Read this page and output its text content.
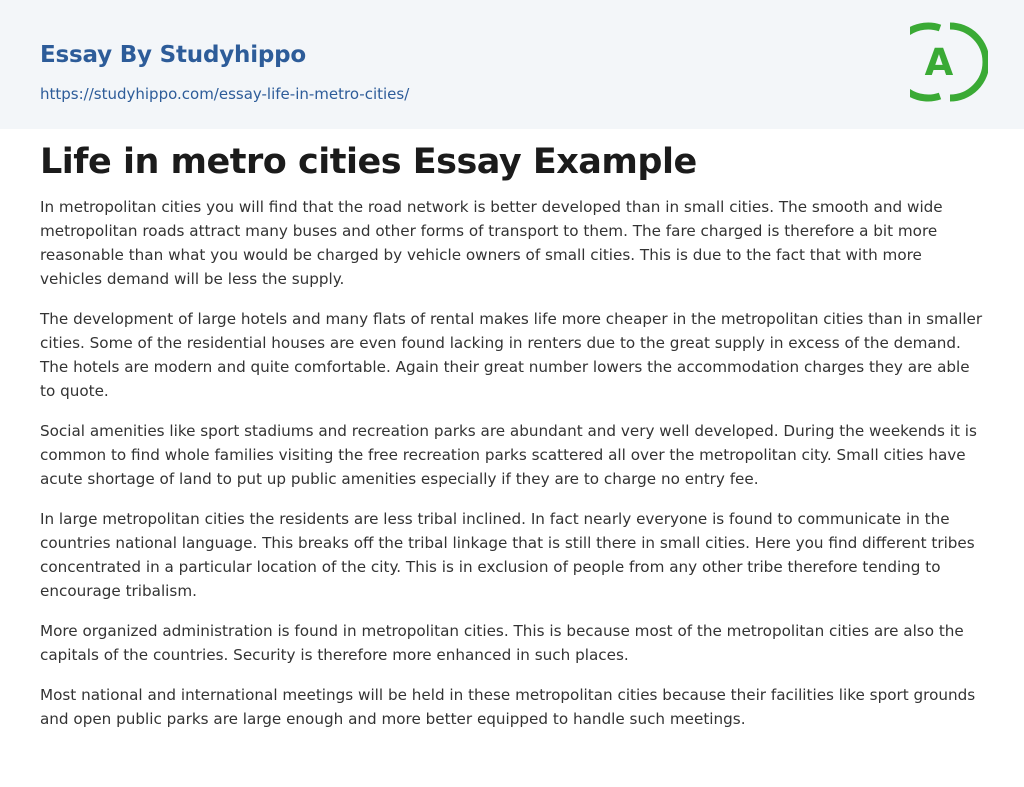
Essay By Studyhippo
https://studyhippo.com/essay-life-in-metro-cities/
A
Life in metro cities Essay Example

In metropolitan cities you will find that the road network is better developed than in small cities. The smooth and wide metropolitan roads attract many buses and other forms of transport to them. The fare charged is therefore a bit more reasonable than what you would be charged by vehicle owners of small cities. This is due to the fact that with more vehicles demand will be less the supply.

The development of large hotels and many flats of rental makes life more cheaper in the metropolitan cities than in smaller cities. Some of the residential houses are even found lacking in renters due to the great supply in excess of the demand. The hotels are modern and quite comfortable. Again their great number lowers the accommodation charges they are able to quote.

Social amenities like sport stadiums and recreation parks are abundant and very well developed. During the weekends it is common to find whole families visiting the free recreation parks scattered all over the metropolitan city. Small cities have acute shortage of land to put up public amenities especially if they are to charge no entry fee.

In large metropolitan cities the residents are less tribal inclined. In fact nearly everyone is found to communicate in the countries national language. This breaks off the tribal linkage that is still there in small cities. Here you find different tribes concentrated in a particular location of the city. This is in exclusion of people from any other tribe therefore tending to encourage tribalism.

More organized administration is found in metropolitan cities. This is because most of the metropolitan cities are also the capitals of the countries. Security is therefore more enhanced in such places.

Most national and international meetings will be held in these metropolitan cities because their facilities like sport grounds and open public parks are large enough and more better equipped to handle such meetings.
